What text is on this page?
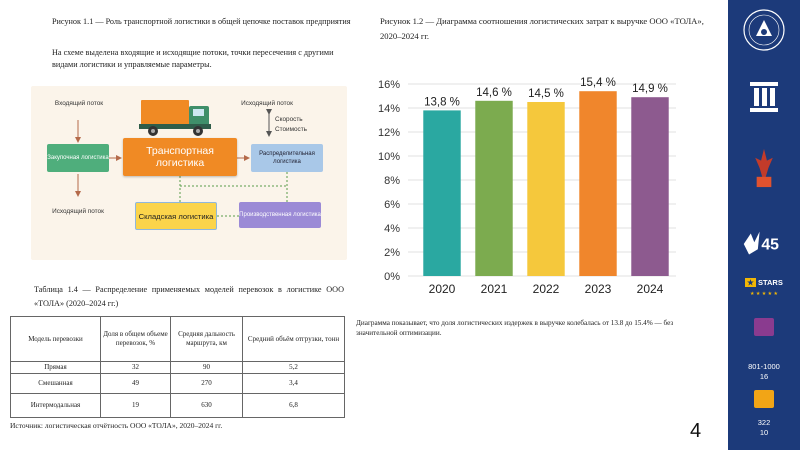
Рисунок 1.1 — Роль транспортной логистики в общей цепочке поставок предприятия
На схеме выделена входящие и исходящие потоки, точки пересечения с другими видами логистики и управляемые параметры.
Входящий поток	Исходящий поток
Скорость
Стоимость
Исходящий поток
Транспортная логистика
Закупочная логистика
Распределительная логистика
Складская логистика	Производственная логистика
Таблица 1.4 — Распределение применяемых моделей перевозок в логистике ООО «ТОЛА» (2020–2024 гг.)
Модель перевозки	Доля в общем объеме перевозок, %	Средняя дальность маршрута, км	Средний объём отгрузки, тонн
Прямая	32	90	5,2
Смешанная	49	270	3,4
Интермодальная	19	630	6,8
Источник: логистическая отчётность ООО «ТОЛА», 2020–2024 гг.
Рисунок 1.2 — Диаграмма соотношения логистических затрат к выручке ООО «ТОЛА», 2020–2024 гг.
0%
2%
4%
6%
8%
10%
12%
14%
16%
13,8 %
2020
14,6 %
2021
14,5 %
2022
15,4 %
2023
14,9 %
2024
Диаграмма показывает, что доля логистических издержек в выручке колебалась от 13.8 до 15.4% — без значительной оптимизации.
4
45
★ STARS
★ ★ ★ ★ ★
801-1000
16
322
10
